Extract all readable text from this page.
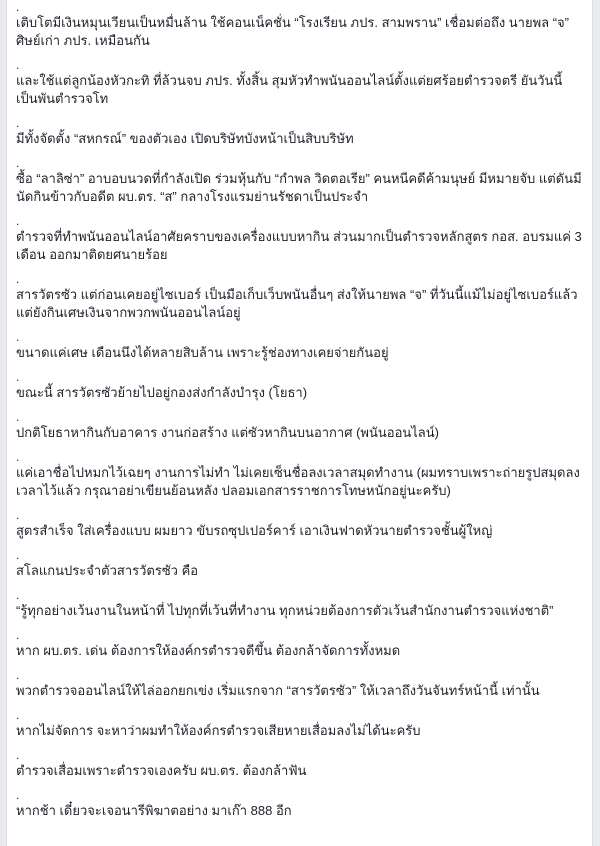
.
เติบโตมีเงินหมุนเวียนเป็นหมื่นล้าน ใช้คอนเน็คชั่น “โรงเรียน ภปร. สามพราน” เชื่อมต่อถึง นายพล “จ” ศิษย์เก่า ภปร. เหมือนกัน
.
และใช้แต่ลูกน้องหัวกะทิ ที่ล้วนจบ ภปร. ทั้งสิ้น สุมหัวทำพนันออนไลน์ตั้งแต่ยศร้อยตำรวจตรี ยันวันนี้เป็นพันตำรวจโท
.
มีทั้งจัดตั้ง “สหกรณ์” ของตัวเอง เปิดบริษัทบังหน้าเป็นสิบบริษัท
.
ซื้อ “ลาลิซ่า” อาบอบนวดที่กำลังเปิด ร่วมหุ้นกับ “กำพล วิดตอเรีย” คนหนีคดีค้ามนุษย์ มีหมายจับ แต่ดันมีนัดกินข้าวกับอดีต ผบ.ตร. “ส” กลางโรงแรมย่านรัชดาเป็นประจำ
.
ตำรวจที่ทำพนันออนไลน์อาศัยคราบของเครื่องแบบหากิน ส่วนมากเป็นตำรวจหลักสูตร กอส. อบรมแค่ 3 เดือน ออกมาติดยศนายร้อย
.
สารวัตรซัว แต่ก่อนเคยอยู่ไซเบอร์ เป็นมือเก็บเว็บพนันอื่นๆ ส่งให้นายพล “จ” ที่วันนี้แม้ไม่อยู่ไซเบอร์แล้ว แต่ยังกินเศษเงินจากพวกพนันออนไลน์อยู่
.
ขนาดแค่เศษ เดือนนึงได้หลายสิบล้าน เพราะรู้ช่องทางเคยจ่ายกันอยู่
.
ขณะนี้ สารวัตรซัวย้ายไปอยู่กองส่งกำลังบำรุง (โยธา)
.
ปกติโยธาหากินกับอาคาร งานก่อสร้าง แต่ซัวหากินบนอากาศ (พนันออนไลน์)
.
แค่เอาชื่อไปหมกไว้เฉยๆ งานการไม่ทำ ไม่เคยเซ็นชื่อลงเวลาสมุดทำงาน (ผมทราบเพราะถ่ายรูปสมุดลงเวลาไว้แล้ว กรุณาอย่าเขียนย้อนหลัง ปลอมเอกสารราชการโทษหนักอยู่นะครับ)
.
สูตรสำเร็จ ใส่เครื่องแบบ ผมยาว ขับรถซุปเปอร์คาร์ เอาเงินฟาดหัวนายตำรวจชั้นผู้ใหญ่
.
สโลแกนประจำตัวสารวัตรซัว คือ
.
“รู้ทุกอย่างเว้นงานในหน้าที่ ไปทุกที่เว้นที่ทำงาน ทุกหน่วยต้องการตัวเว้นสำนักงานตำรวจแห่งชาติ”
.
หาก ผบ.ตร. เด่น ต้องการให้องค์กรตำรวจดีขึ้น ต้องกล้าจัดการทั้งหมด
.
พวกตำรวจออนไลน์ให้ไล่ออกยกเข่ง เริ่มแรกจาก “สารวัตรซัว” ให้เวลาถึงวันจันทร์หน้านี้ เท่านั้น
.
หากไม่จัดการ จะหาว่าผมทำให้องค์กรตำรวจเสียหายเสื่อมลงไม่ได้นะครับ
.
ตำรวจเสื่อมเพราะตำรวจเองครับ ผบ.ตร. ต้องกล้าฟัน
.
หากช้า เดี๋ยวจะเจอนารีพิฆาตอย่าง มาเก๊า 888 อีก
